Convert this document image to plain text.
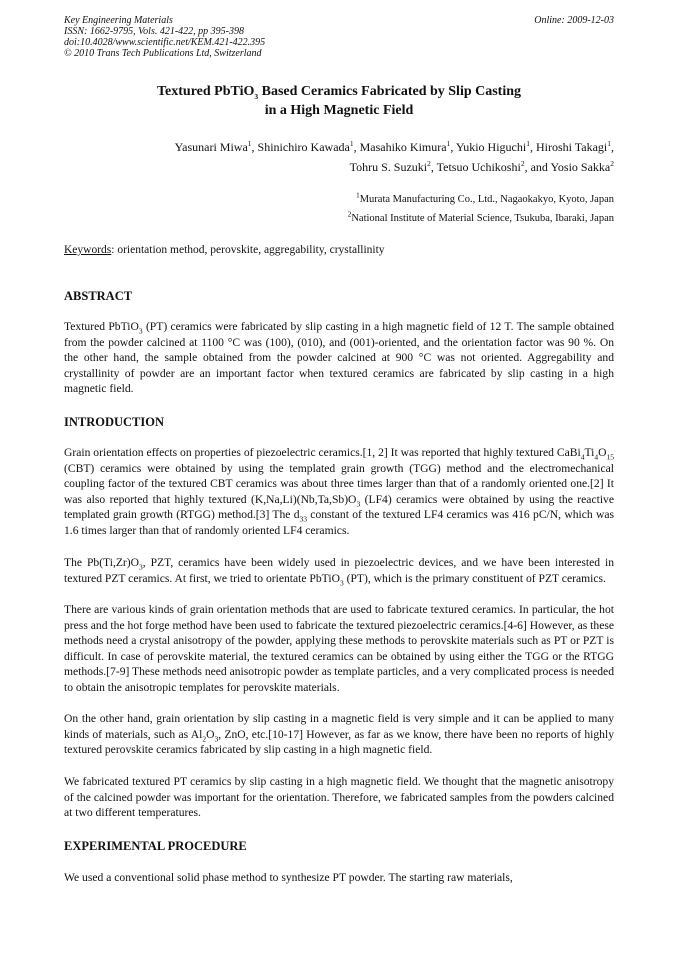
Key Engineering Materials
ISSN: 1662-9795, Vols. 421-422, pp 395-398
doi:10.4028/www.scientific.net/KEM.421-422.395
© 2010 Trans Tech Publications Ltd, Switzerland
Online: 2009-12-03
Textured PbTiO$_3$ Based Ceramics Fabricated by Slip Casting
in a High Magnetic Field
Yasunari Miwa$^1$, Shinichiro Kawada$^1$, Masahiko Kimura$^1$, Yukio Higuchi$^1$, Hiroshi Takagi$^1$,
Tohru S. Suzuki$^2$, Tetsuo Uchikoshi$^2$, and Yosio Sakka$^2$
$^1$Murata Manufacturing Co., Ltd., Nagaokakyo, Kyoto, Japan
$^2$National Institute of Material Science, Tsukuba, Ibaraki, Japan
Keywords: orientation method, perovskite, aggregability, crystallinity
ABSTRACT
Textured PbTiO$_3$ (PT) ceramics were fabricated by slip casting in a high magnetic field of 12 T. The sample obtained from the powder calcined at 1100 °C was (100), (010), and (001)-oriented, and the orientation factor was 90 %. On the other hand, the sample obtained from the powder calcined at 900 °C was not oriented. Aggregability and crystallinity of powder are an important factor when textured ceramics are fabricated by slip casting in a high magnetic field.
INTRODUCTION
Grain orientation effects on properties of piezoelectric ceramics.[1, 2] It was reported that highly textured $CaBi_4Ti_4O_{15}$ (CBT) ceramics were obtained by using the templated grain growth (TGG) method and the electromechanical coupling factor of the textured CBT ceramics was about three times larger than that of a randomly oriented one.[2] It was also reported that highly textured $(K,Na,Li)(Nb,Ta,Sb)O_3$ (LF4) ceramics were obtained by using the reactive templated grain growth (RTGG) method.[3] The $d_{33}$ constant of the textured LF4 ceramics was 416 pC/N, which was 1.6 times larger than that of randomly oriented LF4 ceramics.
The $Pb(Ti,Zr)O_3$, PZT, ceramics have been widely used in piezoelectric devices, and we have been interested in textured PZT ceramics. At first, we tried to orientate PbTiO$_3$ (PT), which is the primary constituent of PZT ceramics.
There are various kinds of grain orientation methods that are used to fabricate textured ceramics. In particular, the hot press and the hot forge method have been used to fabricate the textured piezoelectric ceramics.[4-6] However, as these methods need a crystal anisotropy of the powder, applying these methods to perovskite materials such as PT or PZT is difficult. In case of perovskite material, the textured ceramics can be obtained by using either the TGG or the RTGG methods.[7-9] These methods need anisotropic powder as template particles, and a very complicated process is needed to obtain the anisotropic templates for perovskite materials.
On the other hand, grain orientation by slip casting in a magnetic field is very simple and it can be applied to many kinds of materials, such as $Al_2O_3$, ZnO, etc.[10-17] However, as far as we know, there have been no reports of highly textured perovskite ceramics fabricated by slip casting in a high magnetic field.
We fabricated textured PT ceramics by slip casting in a high magnetic field. We thought that the magnetic anisotropy of the calcined powder was important for the orientation. Therefore, we fabricated samples from the powders calcined at two different temperatures.
EXPERIMENTAL PROCEDURE
We used a conventional solid phase method to synthesize PT powder. The starting raw materials,
